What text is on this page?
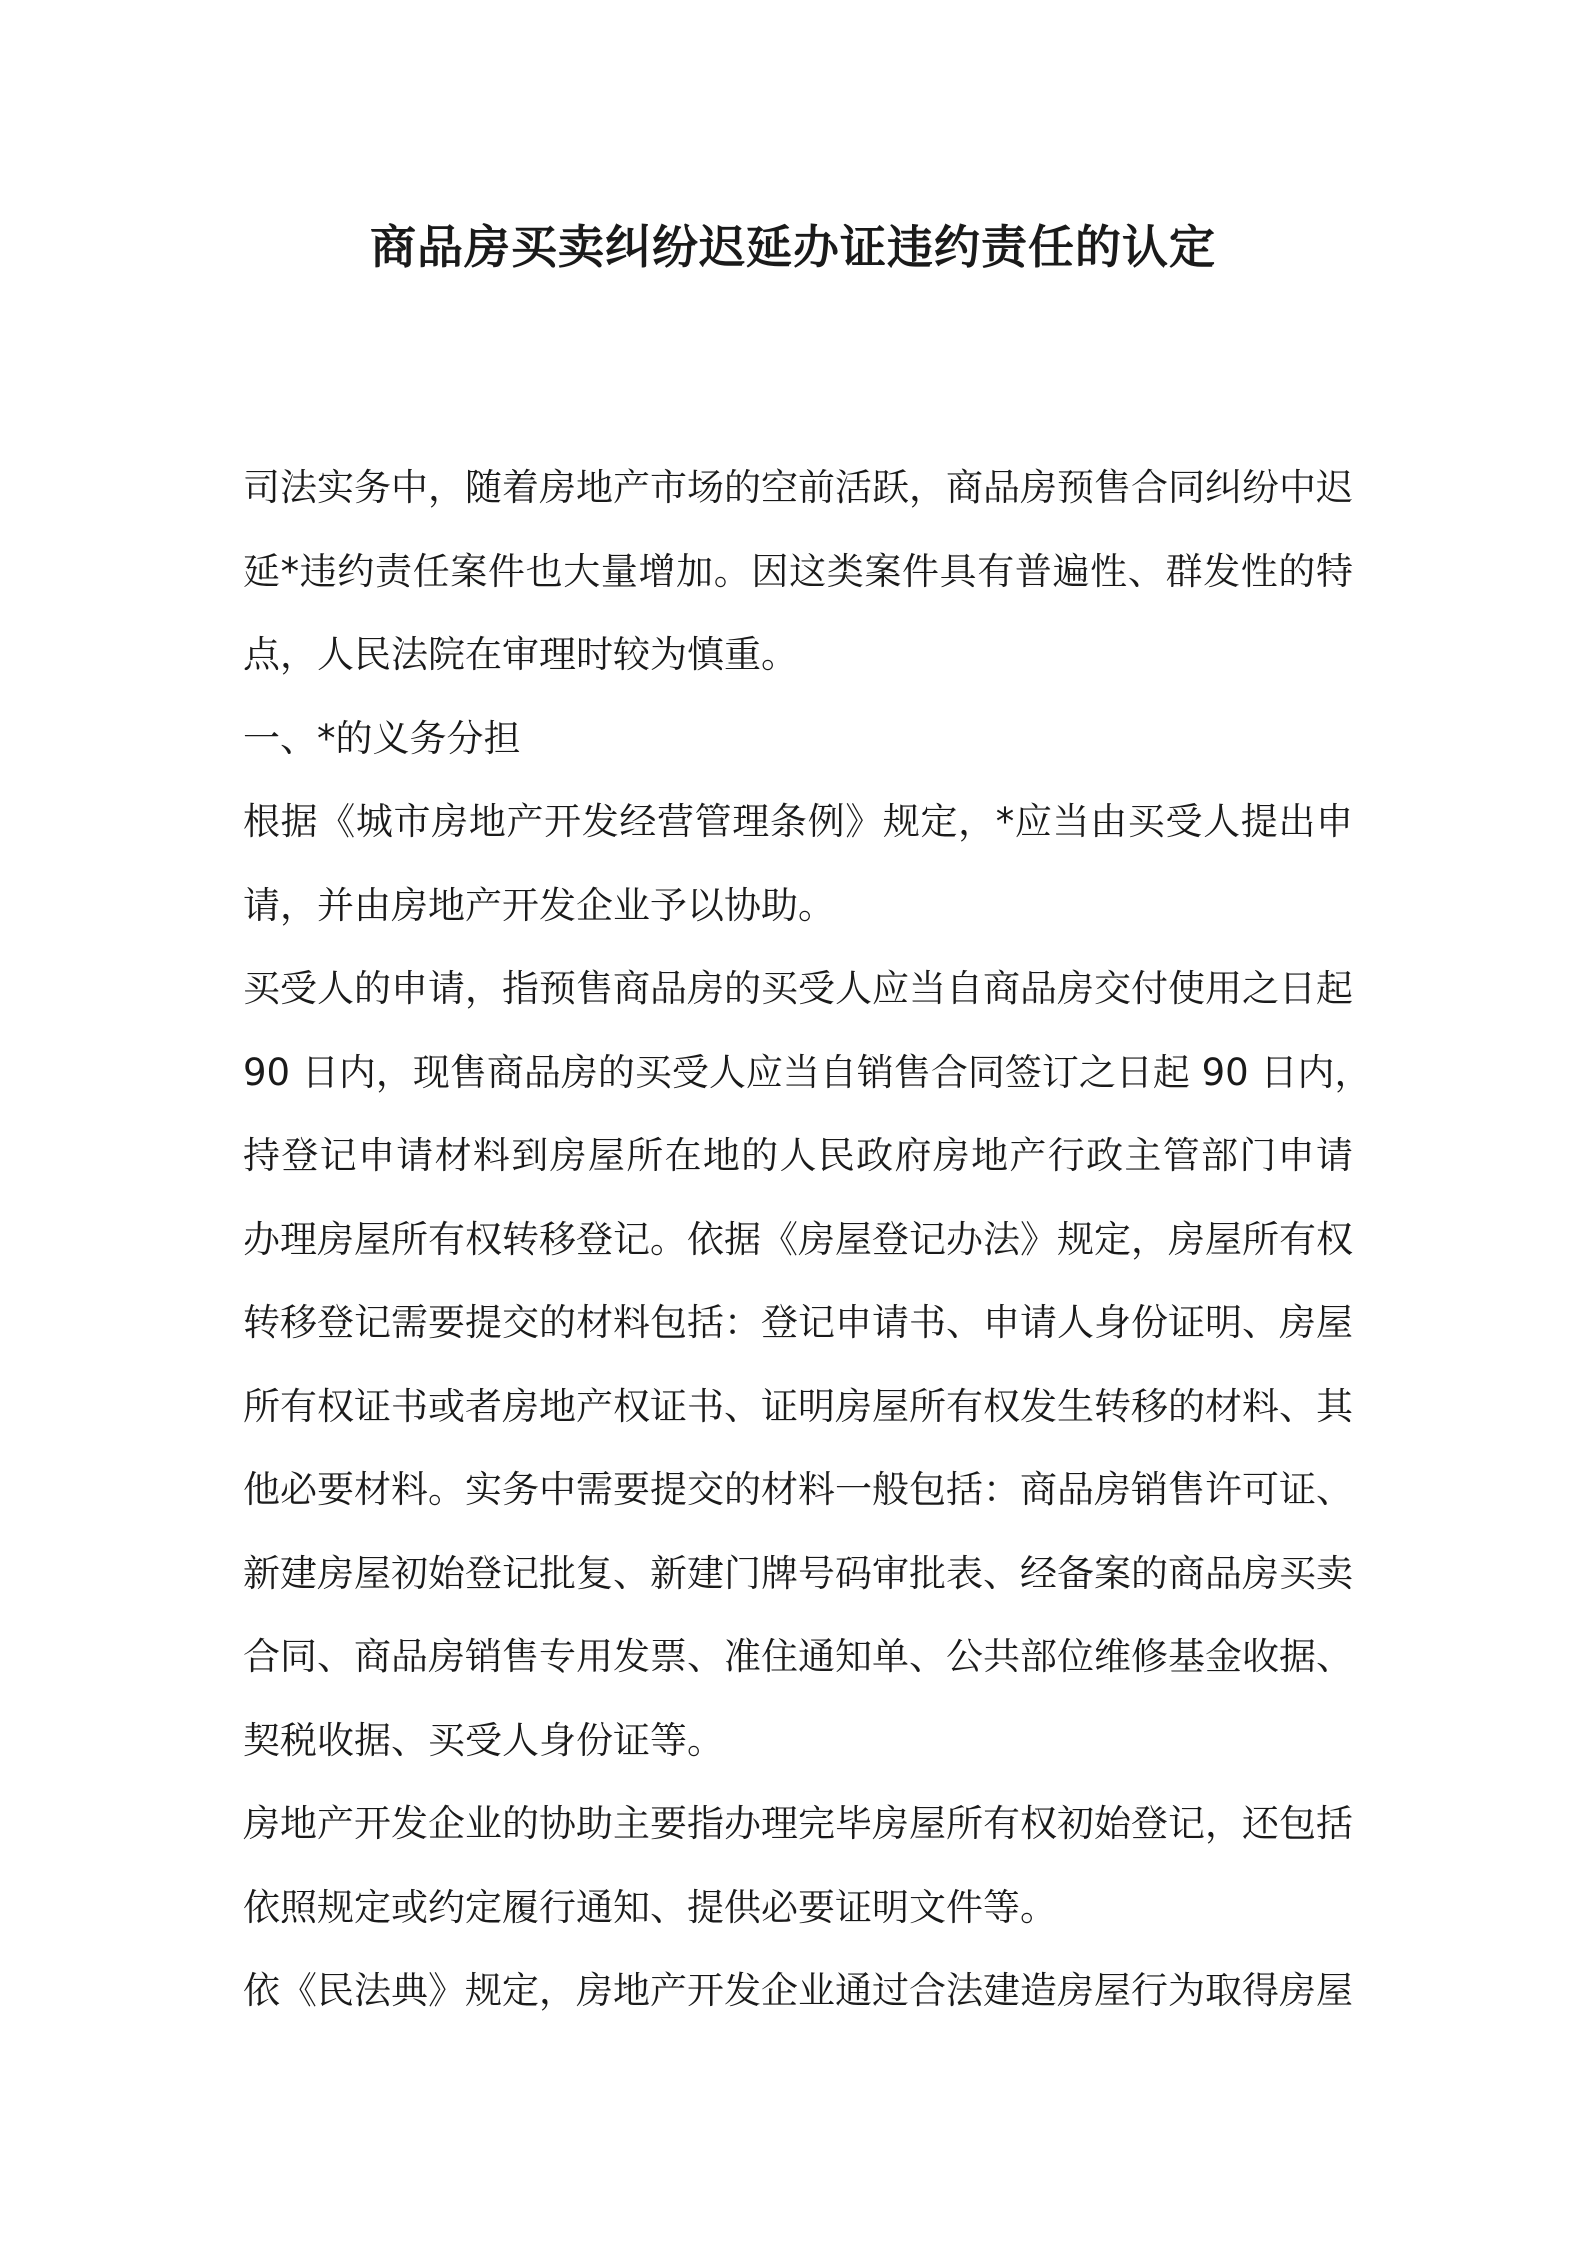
商品房买卖纠纷迟延办证违约责任的认定
司法实务中，随着房地产市场的空前活跃，商品房预售合同纠纷中迟
延*违约责任案件也大量增加。因这类案件具有普遍性、群发性的特
点，人民法院在审理时较为慎重。
一、*的义务分担
根据《城市房地产开发经营管理条例》规定，*应当由买受人提出申
请，并由房地产开发企业予以协助。
买受人的申请，指预售商品房的买受人应当自商品房交付使用之日起
90 日内，现售商品房的买受人应当自销售合同签订之日起 90 日内，
持登记申请材料到房屋所在地的人民政府房地产行政主管部门申请
办理房屋所有权转移登记。依据《房屋登记办法》规定，房屋所有权
转移登记需要提交的材料包括：登记申请书、申请人身份证明、房屋
所有权证书或者房地产权证书、证明房屋所有权发生转移的材料、其
他必要材料。实务中需要提交的材料一般包括：商品房销售许可证、
新建房屋初始登记批复、新建门牌号码审批表、经备案的商品房买卖
合同、商品房销售专用发票、准住通知单、公共部位维修基金收据、
契税收据、买受人身份证等。
房地产开发企业的协助主要指办理完毕房屋所有权初始登记，还包括
依照规定或约定履行通知、提供必要证明文件等。
依《民法典》规定，房地产开发企业通过合法建造房屋行为取得房屋
